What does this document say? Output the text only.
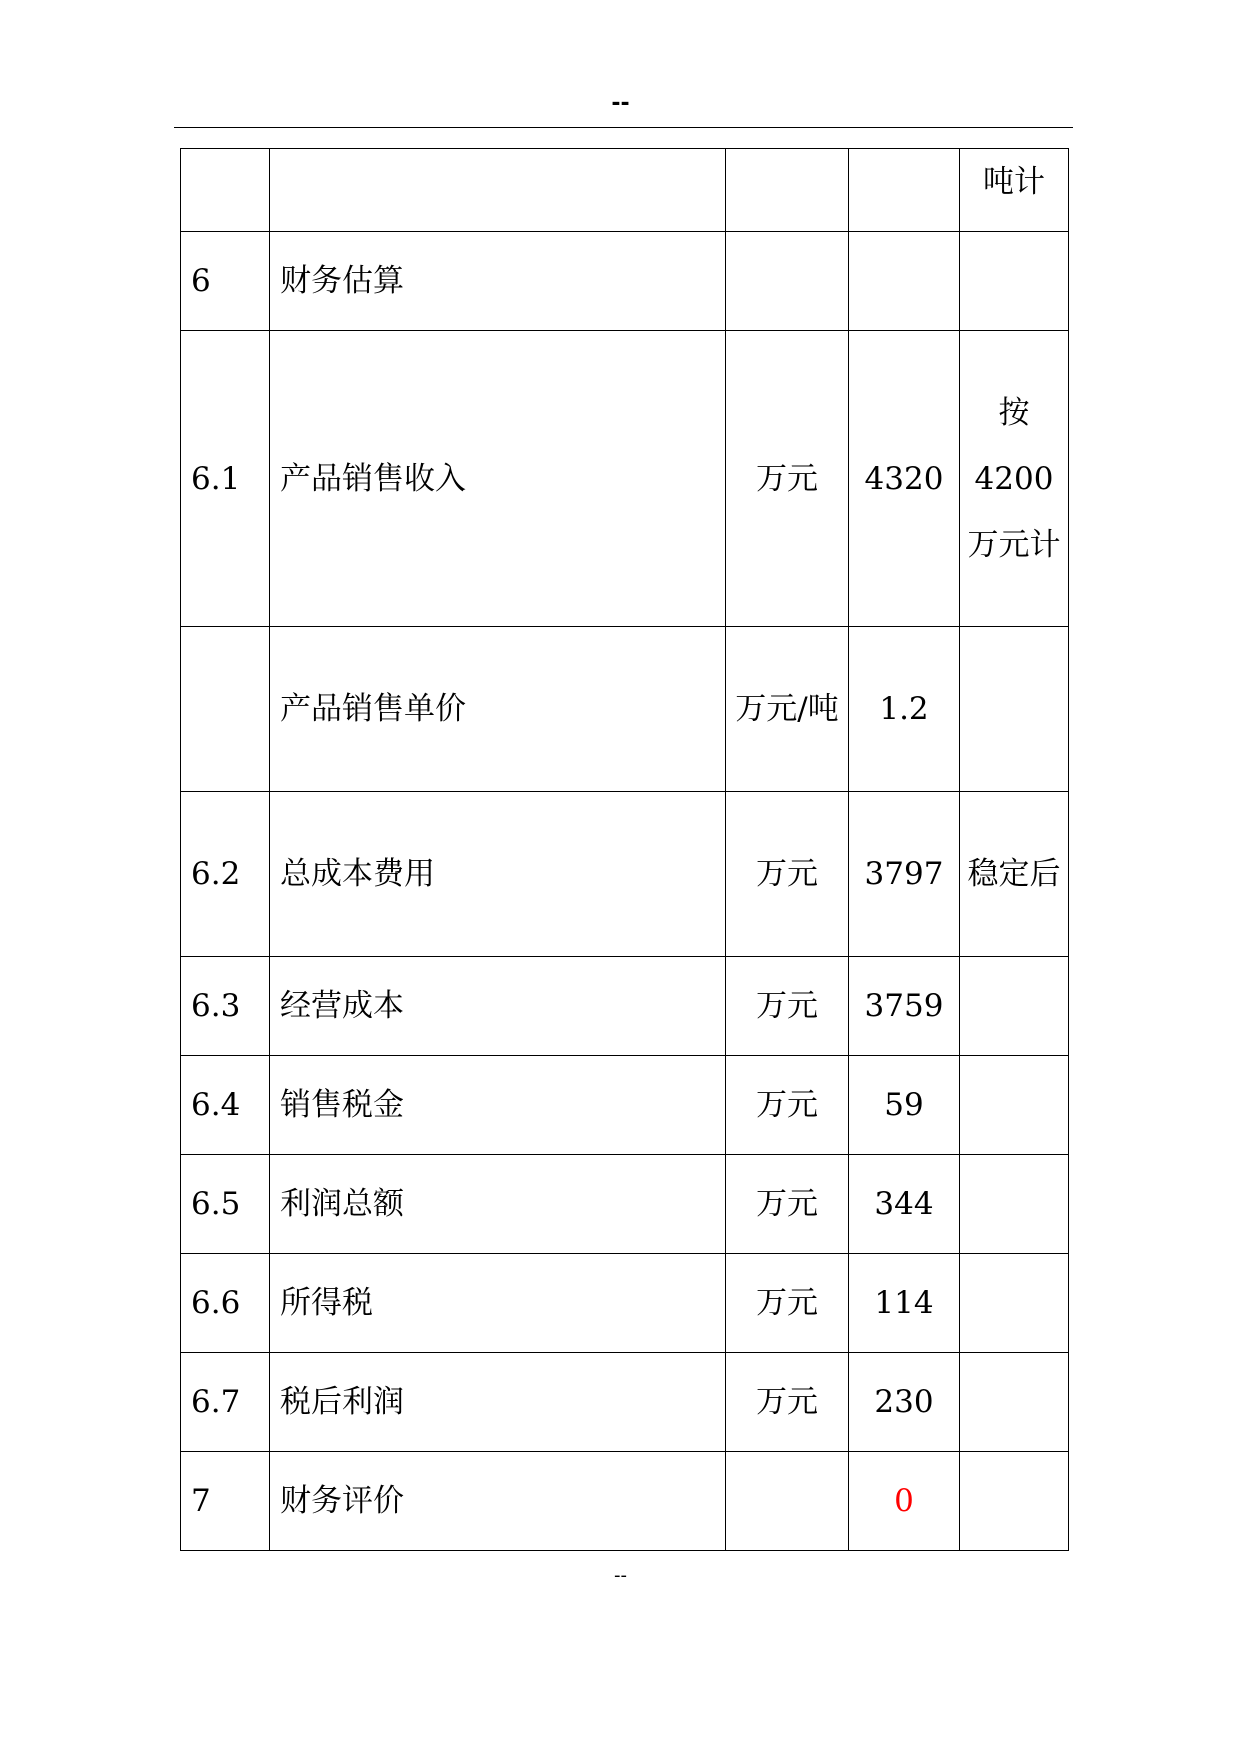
--
				吨计
6	财务估算			
6.1	产品销售收入	万元	4320	按4200万元计
	产品销售单价	万元/吨	1.2	
6.2	总成本费用	万元	3797	稳定后
6.3	经营成本	万元	3759	
6.4	销售税金	万元	59	
6.5	利润总额	万元	344	
6.6	所得税	万元	114	
6.7	税后利润	万元	230	
7	财务评价		0	
--
